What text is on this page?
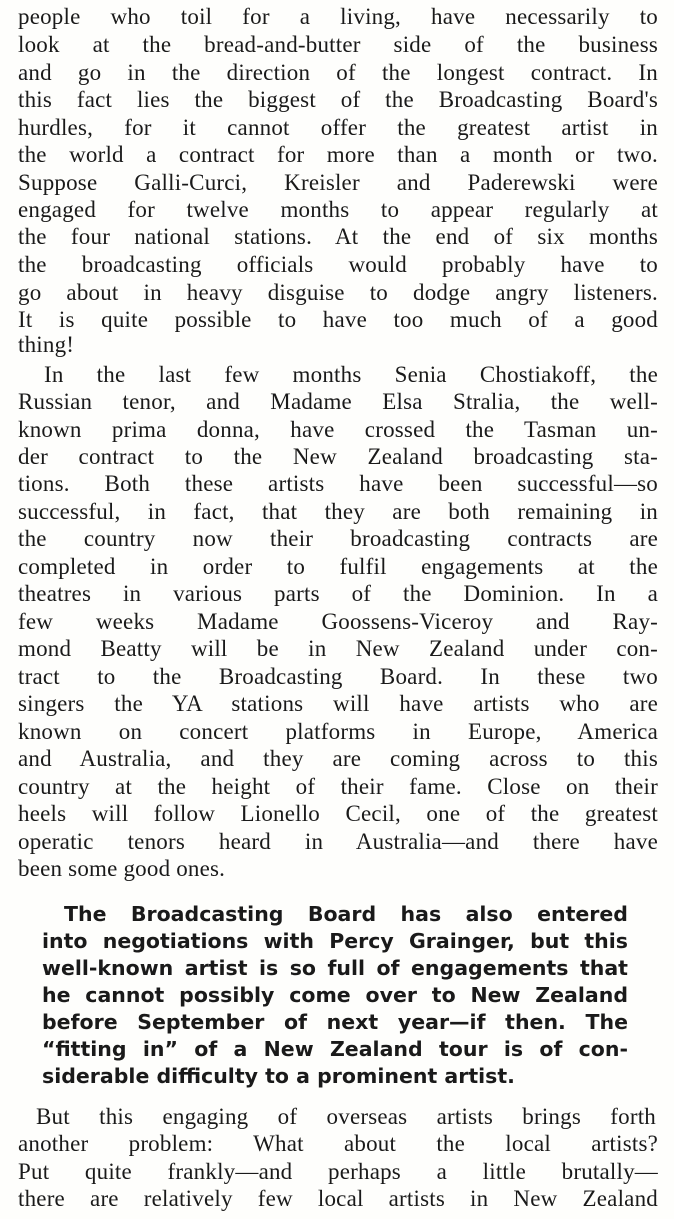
people who toil for a living, have necessarily to
look at the bread-and-butter side of the business
and go in the direction of the longest contract. In
this fact lies the biggest of the Broadcasting Board's
hurdles, for it cannot offer the greatest artist in
the world a contract for more than a month or two.
Suppose Galli-Curci, Kreisler and Paderewski were
engaged for twelve months to appear regularly at
the four national stations. At the end of six months
the broadcasting officials would probably have to
go about in heavy disguise to dodge angry listeners.
It is quite possible to have too much of a good
thing!
In the last few months Senia Chostiakoff, the
Russian tenor, and Madame Elsa Stralia, the well-
known prima donna, have crossed the Tasman un-
der contract to the New Zealand broadcasting sta-
tions. Both these artists have been successful—so
successful, in fact, that they are both remaining in
the country now their broadcasting contracts are
completed in order to fulfil engagements at the
theatres in various parts of the Dominion. In a
few weeks Madame Goossens-Viceroy and Ray-
mond Beatty will be in New Zealand under con-
tract to the Broadcasting Board. In these two
singers the YA stations will have artists who are
known on concert platforms in Europe, America
and Australia, and they are coming across to this
country at the height of their fame. Close on their
heels will follow Lionello Cecil, one of the greatest
operatic tenors heard in Australia—and there have
been some good ones.
The Broadcasting Board has also entered
into negotiations with Percy Grainger, but this
well-known artist is so full of engagements that
he cannot possibly come over to New Zealand
before September of next year—if then. The
“fitting in” of a New Zealand tour is of con-
siderable difficulty to a prominent artist.
But this engaging of overseas artists brings forth
another problem: What about the local artists?
Put quite frankly—and perhaps a little brutally—
there are relatively few local artists in New Zealand
